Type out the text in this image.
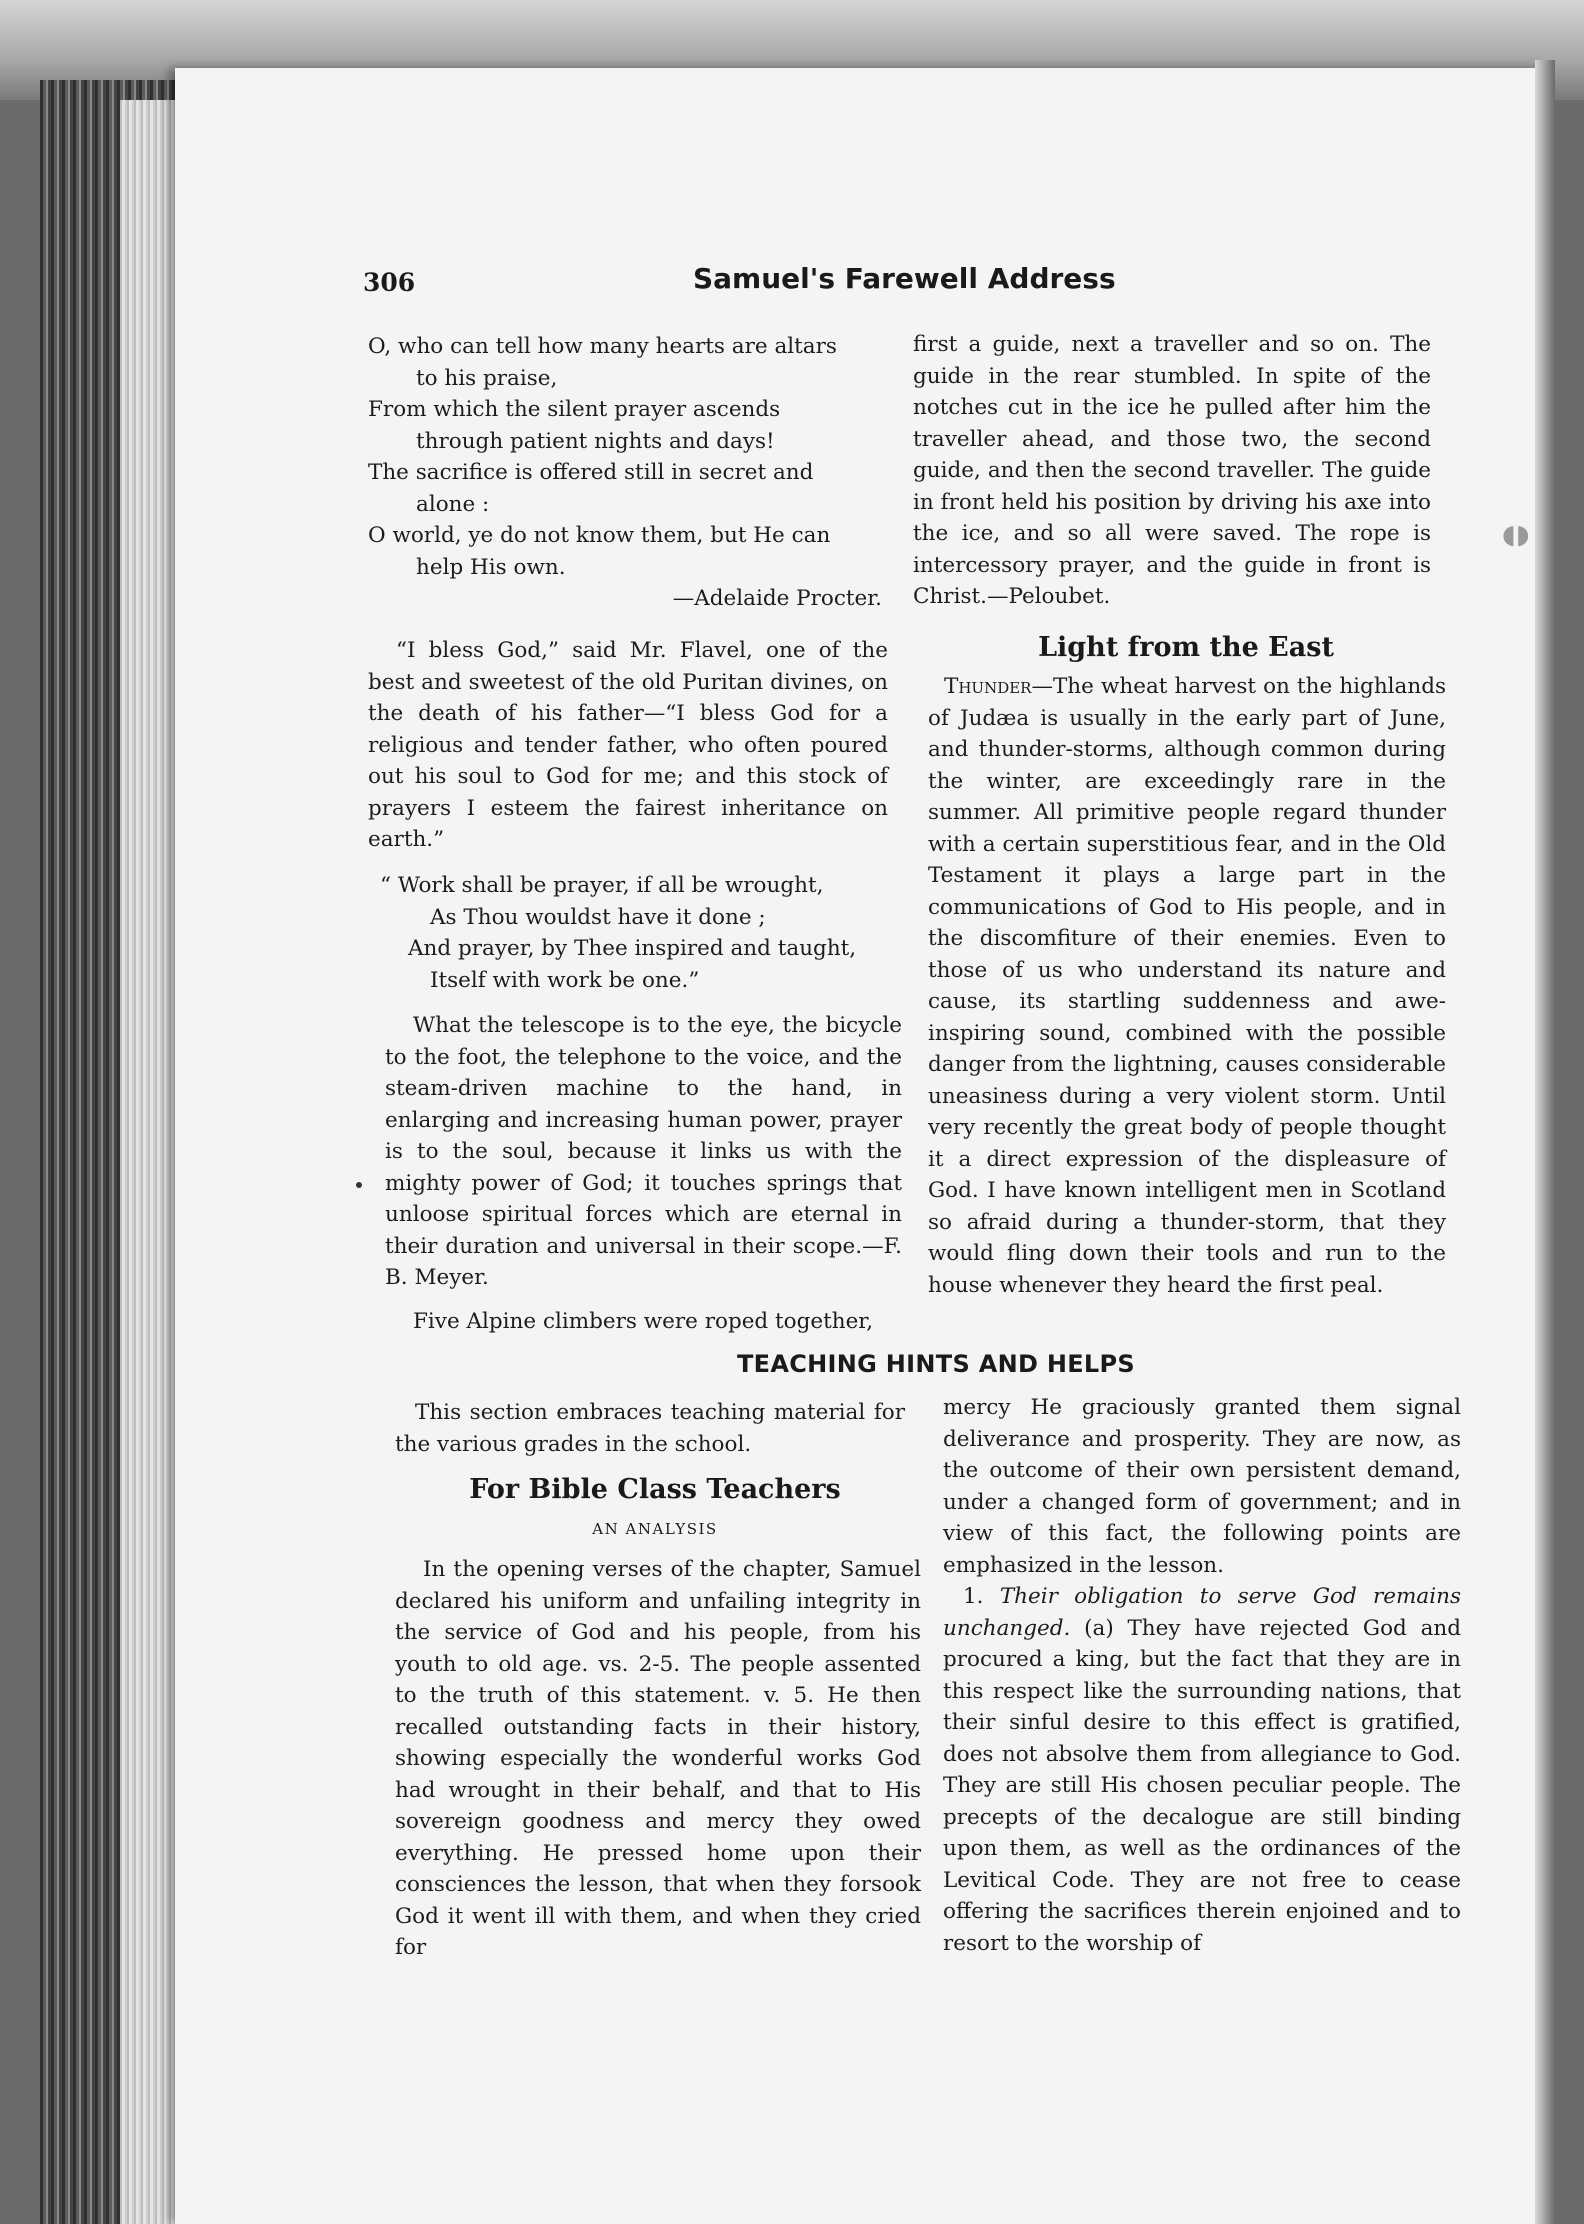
◖◗
306	Samuel's Farewell Address

O, who can tell how many hearts are altars

to his praise,

From which the silent prayer ascends

through patient nights and days!

The sacrifice is offered still in secret and

alone :

O world, ye do not know them, but He can

help His own.

—Adelaide Procter.

“I bless God,” said Mr. Flavel, one of the best and sweetest of the old Puritan divines, on the death of his father—“I bless God for a religious and tender father, who often poured out his soul to God for me; and this stock of prayers I esteem the fairest inheritance on earth.”

“ Work shall be prayer, if all be wrought,

As Thou wouldst have it done ;

And prayer, by Thee inspired and taught,

Itself with work be one.”

What the telescope is to the eye, the bicycle to the foot, the telephone to the voice, and the steam-driven machine to the hand, in enlarging and increasing human power, prayer is to the soul, because it links us with the mighty power of God; it touches springs that unloose spiritual forces which are eternal in their duration and universal in their scope.—F. B. Meyer.

Five Alpine climbers were roped together,

first a guide, next a traveller and so on. The guide in the rear stumbled. In spite of the notches cut in the ice he pulled after him the traveller ahead, and those two, the second guide, and then the second traveller. The guide in front held his position by driving his axe into the ice, and so all were saved. The rope is intercessory prayer, and the guide in front is Christ.—Peloubet.

Light from the East

Thunder—The wheat harvest on the highlands of Judæa is usually in the early part of June, and thunder-storms, although common during the winter, are exceedingly rare in the summer. All primitive people regard thunder with a certain superstitious fear, and in the Old Testament it plays a large part in the communications of God to His people, and in the discomfiture of their enemies. Even to those of us who understand its nature and cause, its startling suddenness and awe-inspiring sound, combined with the possible danger from the lightning, causes considerable uneasiness during a very violent storm. Until very recently the great body of people thought it a direct expression of the displeasure of God. I have known intelligent men in Scotland so afraid during a thunder-storm, that they would fling down their tools and run to the house whenever they heard the first peal.

TEACHING HINTS AND HELPS

This section embraces teaching material for the various grades in the school.

For Bible Class Teachers
AN ANALYSIS

In the opening verses of the chapter, Samuel declared his uniform and unfailing integrity in the service of God and his people, from his youth to old age. vs. 2-5. The people assented to the truth of this statement. v. 5. He then recalled outstanding facts in their history, showing especially the wonderful works God had wrought in their behalf, and that to His sovereign goodness and mercy they owed everything. He pressed home upon their consciences the lesson, that when they forsook God it went ill with them, and when they cried for

mercy He graciously granted them signal deliverance and prosperity. They are now, as the outcome of their own persistent demand, under a changed form of government; and in view of this fact, the following points are emphasized in the lesson.

1. Their obligation to serve God remains unchanged. (a) They have rejected God and procured a king, but the fact that they are in this respect like the surrounding nations, that their sinful desire to this effect is gratified, does not absolve them from allegiance to God. They are still His chosen peculiar people. The precepts of the decalogue are still binding upon them, as well as the ordinances of the Levitical Code. They are not free to cease offering the sacrifices therein enjoined and to resort to the worship of
